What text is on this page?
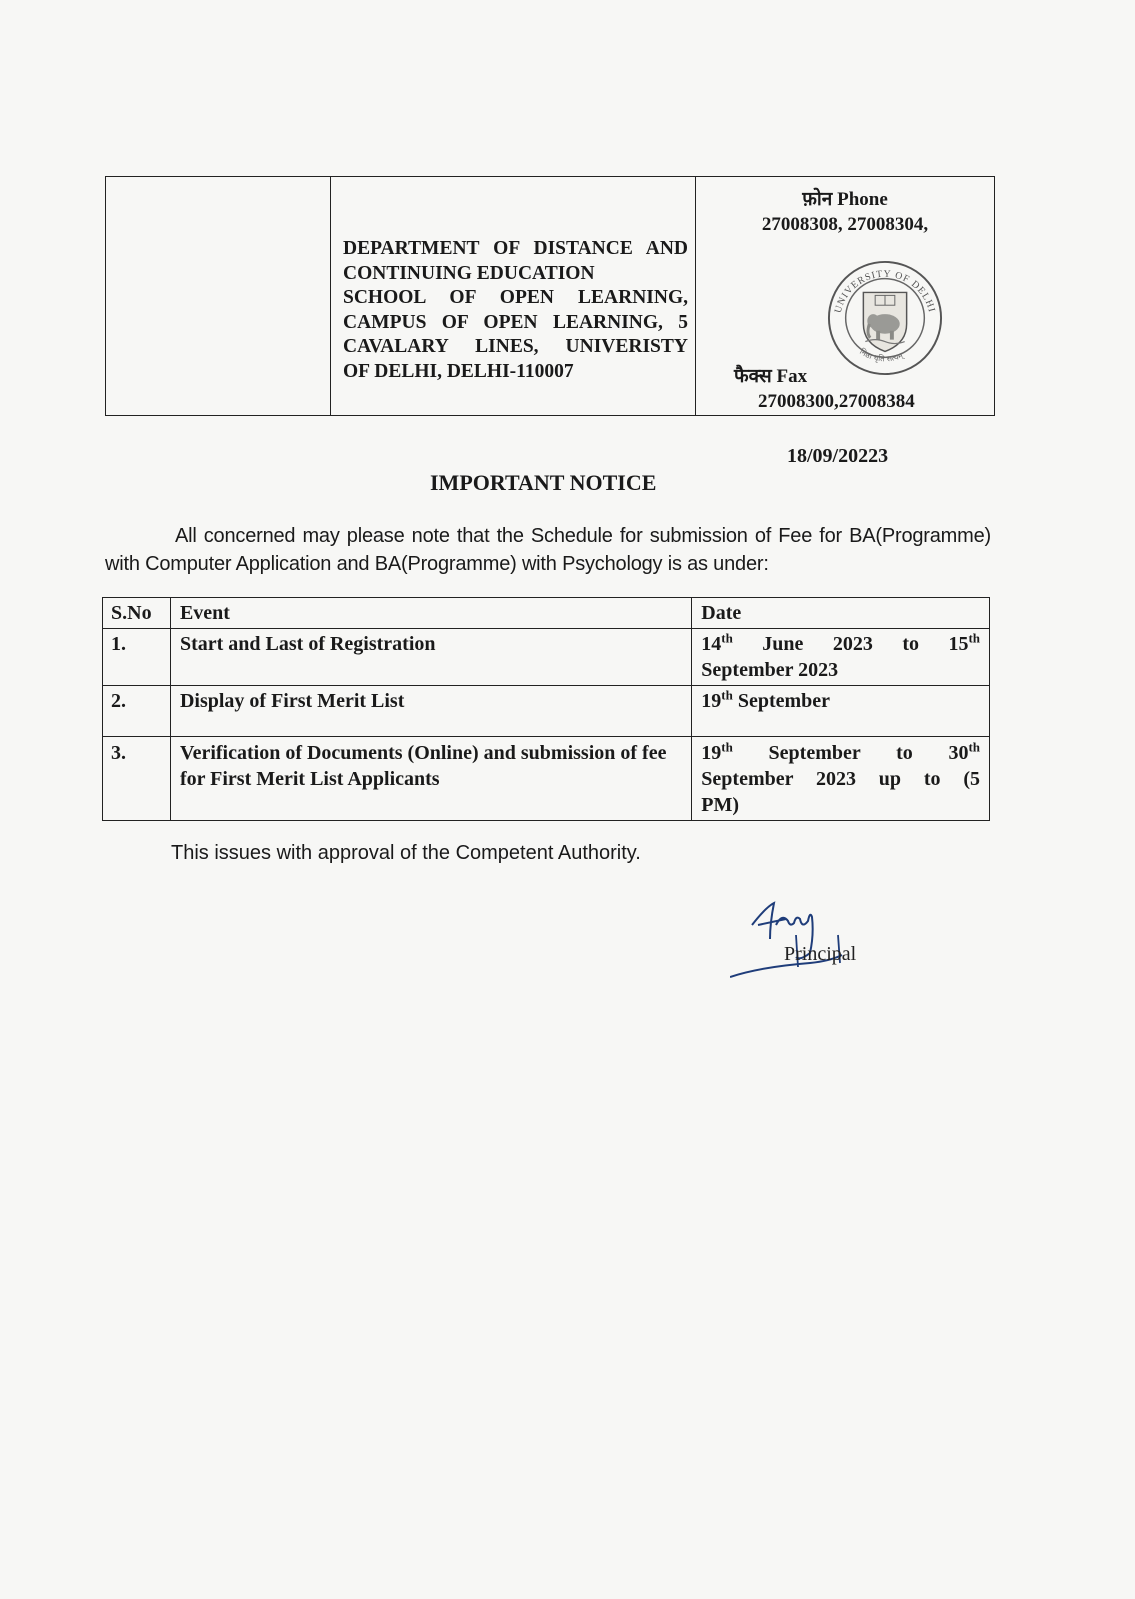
DEPARTMENT OF DISTANCE AND
CONTINUING EDUCATION
SCHOOL OF OPEN LEARNING,
CAMPUS OF OPEN LEARNING, 5
CAVALARY LINES, UNIVERISTY
OF DELHI, DELHI-110007
फ़ोन Phone
27008308, 27008304,
UNIVERSITY OF DELHI
निष्ठा धृति सत्यम्
फैक्स Fax
27008300,27008384
18/09/20223
IMPORTANT NOTICE
All concerned may please note that the Schedule for submission of Fee for BA(Programme) with Computer Application and BA(Programme) with Psychology is as under:
S.No	Event	Date
1.	Start and Last of Registration	14th June 2023 to 15th
September 2023
2.	Display of First Merit List	19th September
3.	Verification of Documents (Online) and submission of fee for First Merit List Applicants	19th September to 30th
September 2023 up to (5
PM)
This issues with approval of the Competent Authority.
Principal
